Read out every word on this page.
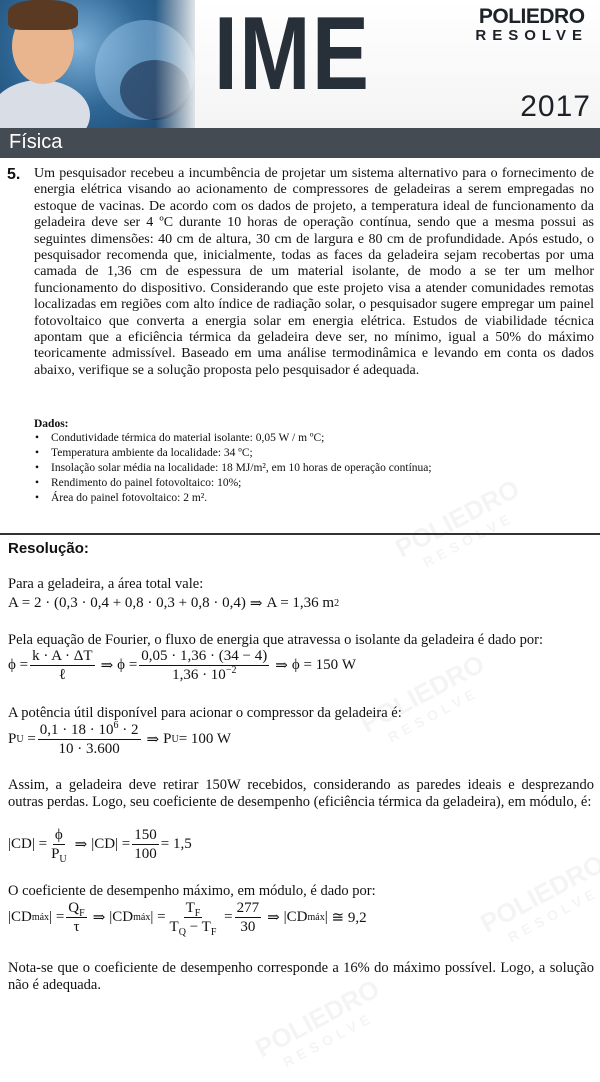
IME	POLIEDRO
RESOLVE
2017
Física
5. Um pesquisador recebeu a incumbência de projetar um sistema alternativo para o fornecimento de energia elétrica visando ao acionamento de compressores de geladeiras a serem empregadas no estoque de vacinas. De acordo com os dados de projeto, a temperatura ideal de funcionamento da geladeira deve ser 4 ºC durante 10 horas de operação contínua, sendo que a mesma possui as seguintes dimensões: 40 cm de altura, 30 cm de largura e 80 cm de profundidade. Após estudo, o pesquisador recomenda que, inicialmente, todas as faces da geladeira sejam recobertas por uma camada de 1,36 cm de espessura de um material isolante, de modo a se ter um melhor funcionamento do dispositivo. Considerando que este projeto visa a atender comunidades remotas localizadas em regiões com alto índice de radiação solar, o pesquisador sugere empregar um painel fotovoltaico que converta a energia solar em energia elétrica. Estudos de viabilidade técnica apontam que a eficiência térmica da geladeira deve ser, no mínimo, igual a 50% do máximo teoricamente admissível. Baseado em uma análise termodinâmica e levando em conta os dados abaixo, verifique se a solução proposta pelo pesquisador é adequada.
Dados:
• Condutividade térmica do material isolante: 0,05 W / m ºC;
• Temperatura ambiente da localidade: 34 ºC;
• Insolação solar média na localidade: 18 MJ/m², em 10 horas de operação contínua;
• Rendimento do painel fotovoltaico: 10%;
• Área do painel fotovoltaico: 2 m².
Resolução:
Para a geladeira, a área total vale:
A = 2 · (0,3 · 0,4 + 0,8 · 0,3 + 0,8 · 0,4) ⇒ A = 1,36 m 2
Pela equação de Fourier, o fluxo de energia que atravessa o isolante da geladeira é dado por:
$\phi = \frac{k \cdot A \cdot \Delta T}{\text{ℓ}}$ ⇒ $\phi = \frac{0,05 \cdot 1,36 \cdot (34 - 4)}{1,36 \cdot 10^{-2}}$ ⇒ ϕ = 150 W
A potência útil disponível para acionar o compressor da geladeira é:
P $U = \frac{0,1 \cdot 18 \cdot 10^6 \cdot 2}{10 \cdot 3.600}$ ⇒ P U = 100 W
Assim, a geladeira deve retirar 150W recebidos, considerando as paredes ideais e desprezando outras perdas. Logo, seu coeficiente de desempenho (eficiência térmica da geladeira), em módulo, é:
$|CD| = \frac{\phi}{P_U}$ ⇒ $|CD| = \frac{150}{100} = 1,5$
O coeficiente de desempenho máximo, em módulo, é dado por:
|CD máx | = $\frac{Q_F}{\tau}$ ⇒ |CD máx | = $\frac{T_F}{T_Q - T_F} = \frac{277}{30}$ ⇒ |CD máx | ≅ 9,2
Nota-se que o coeficiente de desempenho corresponde a 16% do máximo possível. Logo, a solução não é adequada.
